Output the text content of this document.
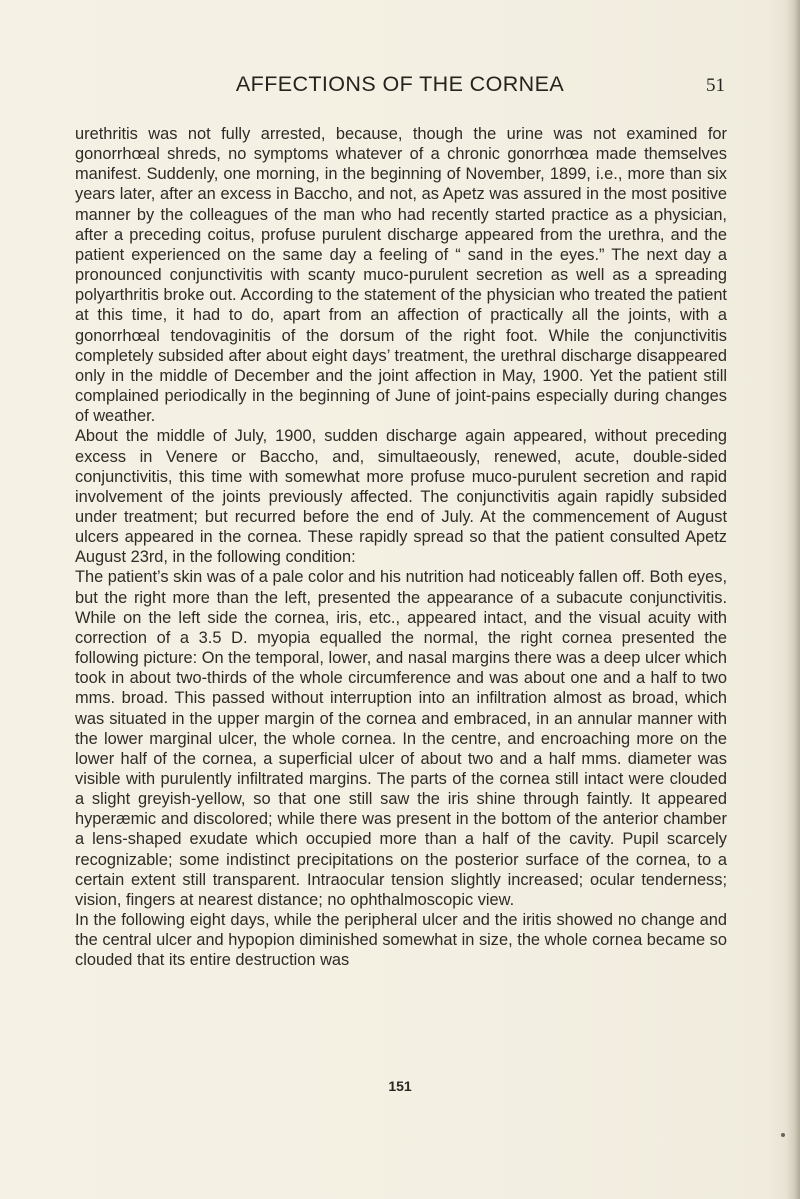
AFFECTIONS OF THE CORNEA	51

urethritis was not fully arrested, because, though the urine was not examined for gonorrhœal shreds, no symptoms whatever of a chronic gonorrhœa made themselves manifest. Suddenly, one morning, in the beginning of November, 1899, i.e., more than six years later, after an excess in Baccho, and not, as Apetz was assured in the most positive manner by the colleagues of the man who had recently started practice as a physician, after a preceding coitus, profuse purulent discharge appeared from the urethra, and the patient experienced on the same day a feeling of “ sand in the eyes.” The next day a pronounced conjunctivitis with scanty muco-purulent secretion as well as a spreading polyarthritis broke out. According to the statement of the physician who treated the patient at this time, it had to do, apart from an affection of practically all the joints, with a gonorrhœal tendovaginitis of the dorsum of the right foot. While the conjunctivitis completely subsided after about eight days’ treatment, the urethral discharge disappeared only in the middle of December and the joint affection in May, 1900. Yet the patient still complained periodically in the beginning of June of joint-pains especially during changes of weather.

About the middle of July, 1900, sudden discharge again appeared, without preceding excess in Venere or Baccho, and, simultaeously, renewed, acute, double-sided conjunctivitis, this time with somewhat more profuse muco-purulent secretion and rapid involvement of the joints previously affected. The conjunctivitis again rapidly subsided under treatment; but recurred before the end of July. At the commencement of August ulcers appeared in the cornea. These rapidly spread so that the patient consulted Apetz August 23rd, in the following condition:

The patient’s skin was of a pale color and his nutrition had noticeably fallen off. Both eyes, but the right more than the left, presented the appearance of a subacute conjunctivitis. While on the left side the cornea, iris, etc., appeared intact, and the visual acuity with correction of a 3.5 D. myopia equalled the normal, the right cornea presented the following picture: On the temporal, lower, and nasal margins there was a deep ulcer which took in about two-thirds of the whole circumference and was about one and a half to two mms. broad. This passed without interruption into an infiltration almost as broad, which was situated in the upper margin of the cornea and embraced, in an annular manner with the lower marginal ulcer, the whole cornea. In the centre, and encroaching more on the lower half of the cornea, a superficial ulcer of about two and a half mms. diameter was visible with purulently infiltrated margins. The parts of the cornea still intact were clouded a slight greyish-yellow, so that one still saw the iris shine through faintly. It appeared hyperæmic and discolored; while there was present in the bottom of the anterior chamber a lens-shaped exudate which occupied more than a half of the cavity. Pupil scarcely recognizable; some indistinct precipitations on the posterior surface of the cornea, to a certain extent still transparent. Intraocular tension slightly increased; ocular tenderness; vision, fingers at nearest distance; no ophthalmoscopic view.

In the following eight days, while the peripheral ulcer and the iritis showed no change and the central ulcer and hypopion diminished somewhat in size, the whole cornea became so clouded that its entire destruction was

151
